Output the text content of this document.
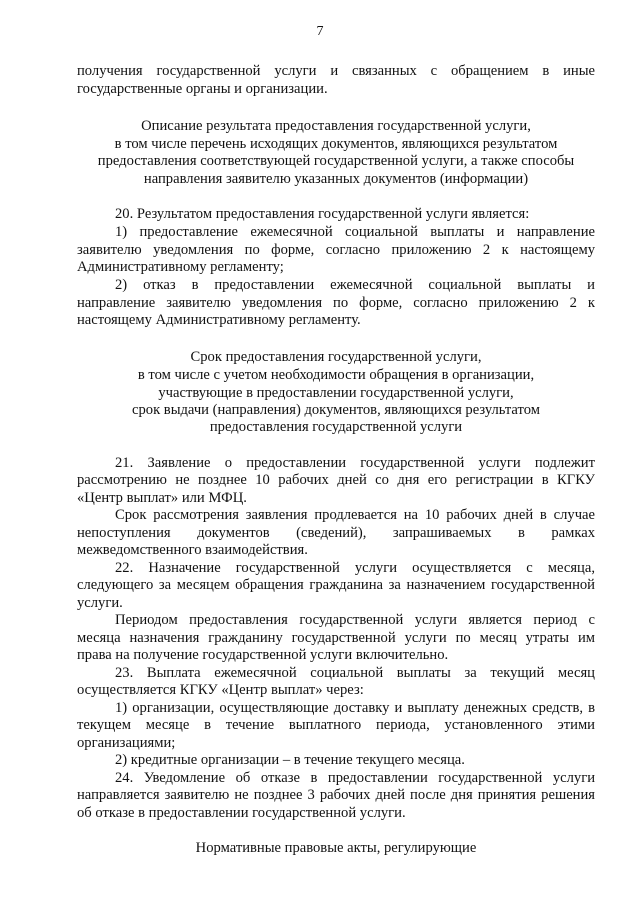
7
получения государственной услуги и связанных с обращением в иные
государственные органы и организации.
Описание результата предоставления государственной услуги,
в том числе перечень исходящих документов, являющихся результатом
предоставления соответствующей государственной услуги, а также способы
направления заявителю указанных документов (информации)
20. Результатом предоставления государственной услуги является:
1) предоставление ежемесячной социальной выплаты и направление
заявителю уведомления по форме, согласно приложению 2 к настоящему
Административному регламенту;
2) отказ в предоставлении ежемесячной социальной выплаты и
направление заявителю уведомления по форме, согласно приложению 2 к
настоящему Административному регламенту.
Срок предоставления государственной услуги,
в том числе с учетом необходимости обращения в организации,
участвующие в предоставлении государственной услуги,
срок выдачи (направления) документов, являющихся результатом
предоставления государственной услуги
21. Заявление о предоставлении государственной услуги подлежит
рассмотрению не позднее 10 рабочих дней со дня его регистрации в КГКУ
«Центр выплат» или МФЦ.
Срок рассмотрения заявления продлевается на 10 рабочих дней в случае
непоступления документов (сведений), запрашиваемых в рамках
межведомственного взаимодействия.
22. Назначение государственной услуги осуществляется с месяца,
следующего за месяцем обращения гражданина за назначением государственной
услуги.
Периодом предоставления государственной услуги является период с
месяца назначения гражданину государственной услуги по месяц утраты им
права на получение государственной услуги включительно.
23. Выплата ежемесячной социальной выплаты за текущий месяц
осуществляется КГКУ «Центр выплат» через:
1) организации, осуществляющие доставку и выплату денежных средств, в
текущем месяце в течение выплатного периода, установленного этими
организациями;
2) кредитные организации – в течение текущего месяца.
24. Уведомление об отказе в предоставлении государственной услуги
направляется заявителю не позднее 3 рабочих дней после дня принятия решения
об отказе в предоставлении государственной услуги.
Нормативные правовые акты, регулирующие
